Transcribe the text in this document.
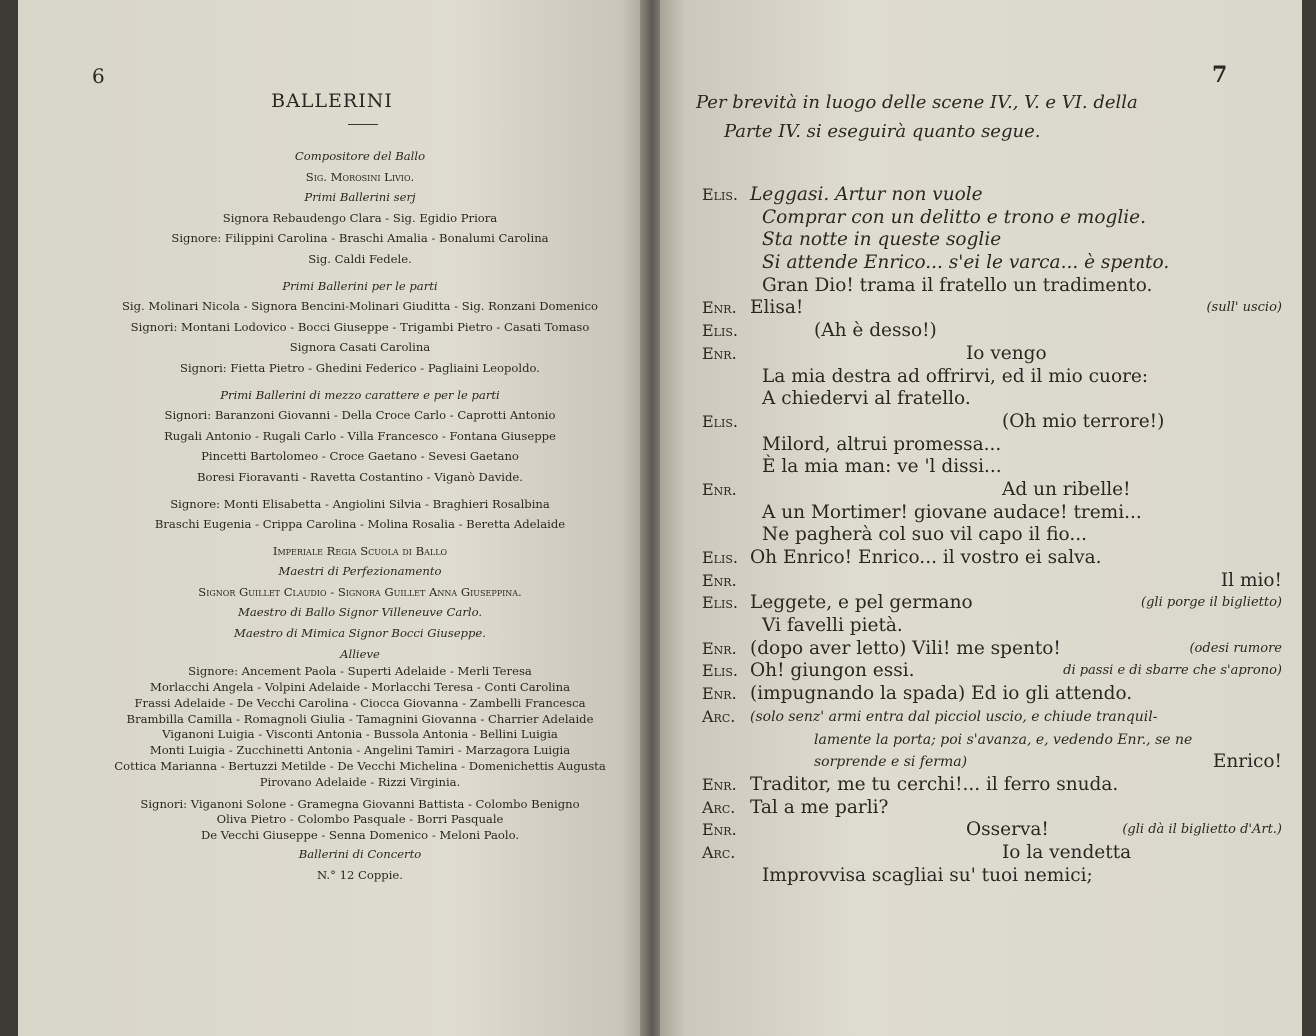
6
BALLERINI
Compositore del Ballo
Sig. Morosini Livio.
Primi Ballerini serj
Signora Rebaudengo Clara - Sig. Egidio Priora
Signore: Filippini Carolina - Braschi Amalia - Bonalumi Carolina
Sig. Caldi Fedele.
Primi Ballerini per le parti
Sig. Molinari Nicola - Signora Bencini-Molinari Giuditta - Sig. Ronzani Domenico
Signori: Montani Lodovico - Bocci Giuseppe - Trigambi Pietro - Casati Tomaso
Signora Casati Carolina
Signori: Fietta Pietro - Ghedini Federico - Pagliaini Leopoldo.
Primi Ballerini di mezzo carattere e per le parti
Signori: Baranzoni Giovanni - Della Croce Carlo - Caprotti Antonio
Rugali Antonio - Rugali Carlo - Villa Francesco - Fontana Giuseppe
Pincetti Bartolomeo - Croce Gaetano - Sevesi Gaetano
Boresi Fioravanti - Ravetta Costantino - Viganò Davide.
Signore: Monti Elisabetta - Angiolini Silvia - Braghieri Rosalbina
Braschi Eugenia - Crippa Carolina - Molina Rosalia - Beretta Adelaide
Imperiale Regia Scuola di Ballo
Maestri di Perfezionamento
Signor Guillet Claudio - Signora Guillet Anna Giuseppina.
Maestro di Ballo Signor Villeneuve Carlo.
Maestro di Mimica Signor Bocci Giuseppe.
Allieve
Signore: Ancement Paola - Superti Adelaide - Merli Teresa
Morlacchi Angela - Volpini Adelaide - Morlacchi Teresa - Conti Carolina
Frassi Adelaide - De Vecchi Carolina - Ciocca Giovanna - Zambelli Francesca
Brambilla Camilla - Romagnoli Giulia - Tamagnini Giovanna - Charrier Adelaide
Viganoni Luigia - Visconti Antonia - Bussola Antonia - Bellini Luigia
Monti Luigia - Zucchinetti Antonia - Angelini Tamiri - Marzagora Luigia
Cottica Marianna - Bertuzzi Metilde - De Vecchi Michelina - Domenichettis Augusta
Pirovano Adelaide - Rizzi Virginia.
Signori: Viganoni Solone - Gramegna Giovanni Battista - Colombo Benigno
Oliva Pietro - Colombo Pasquale - Borri Pasquale
De Vecchi Giuseppe - Senna Domenico - Meloni Paolo.
Ballerini di Concerto
N.° 12 Coppie.
7
Per brevità in luogo delle scene IV., V. e VI. della
Parte IV. si eseguirà quanto segue.
Elis. Leggasi. Artur non vuole
Comprar con un delitto e trono e moglie.
Sta notte in queste soglie
Si attende Enrico... s'ei le varca... è spento.
Gran Dio! trama il fratello un tradimento.
Enr. Elisa!	(sull' uscio)
Elis.	(Ah è desso!)
Enr.	Io vengo
La mia destra ad offrirvi, ed il mio cuore:
A chiedervi al fratello.
Elis.	(Oh mio terrore!)
Milord, altrui promessa...
È la mia man: ve 'l dissi...
Enr.	Ad un ribelle!
A un Mortimer! giovane audace! tremi...
Ne pagherà col suo vil capo il fio...
Elis. Oh Enrico! Enrico... il vostro ei salva.
Enr.	Il mio!
Elis. Leggete, e pel germano	(gli porge il biglietto)
Vi favelli pietà.
Enr. (dopo aver letto) Vili! me spento!	(odesi rumore
Elis. Oh! giungon essi.	di passi e di sbarre che s'aprono)
Enr. (impugnando la spada) Ed io gli attendo.
Arc. (solo senz' armi entra dal picciol uscio, e chiude tranquil-
lamente la porta; poi s'avanza, e, vedendo Enr., se ne
sorprende e si ferma)	Enrico!
Enr. Traditor, me tu cerchi!... il ferro snuda.
Arc. Tal a me parli?
Enr.	Osserva!	(gli dà il biglietto d'Art.)
Arc.	Io la vendetta
Improvvisa scagliai su' tuoi nemici;
